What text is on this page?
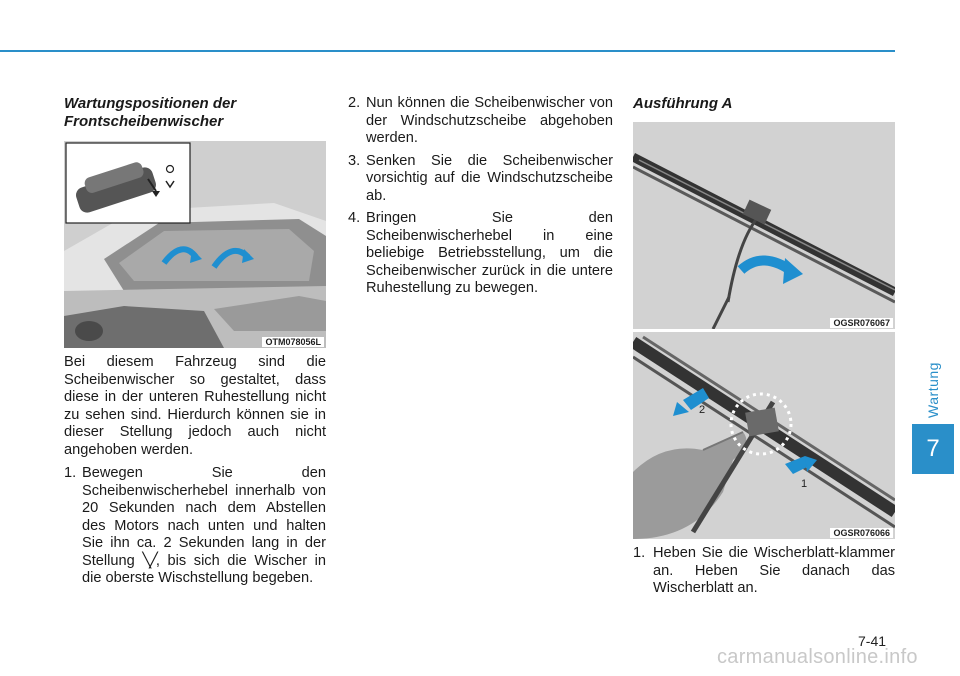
Wartung
7

Wartungspositionen der Frontscheibenwischer

OTM078056L

Bei diesem Fahrzeug sind die Scheibenwischer so gestaltet, dass diese in der unteren Ruhestellung nicht zu sehen sind. Hierdurch können sie in dieser Stellung jedoch auch nicht angehoben werden.

1. Bewegen Sie den Scheibenwischerhebel innerhalb von 20 Sekunden nach dem Abstellen des Motors nach unten und halten Sie ihn ca. 2 Sekunden lang in der Stellung ╲╱, bis sich die Wischer in die oberste Wischstellung begeben.
2. Nun können die Scheibenwischer von der Windschutzscheibe abgehoben werden.
3. Senken Sie die Scheibenwischer vorsichtig auf die Windschutzscheibe ab.
4. Bringen Sie den Scheibenwischerhebel in eine beliebige Betriebsstellung, um die Scheibenwischer zurück in die untere Ruhestellung zu bewegen.

Ausführung A

OGSR076067
2
1
OGSR076066
1. Heben Sie die Wischerblatt-klammer an. Heben Sie danach das Wischerblatt an.
7-41
carmanualsonline.info
